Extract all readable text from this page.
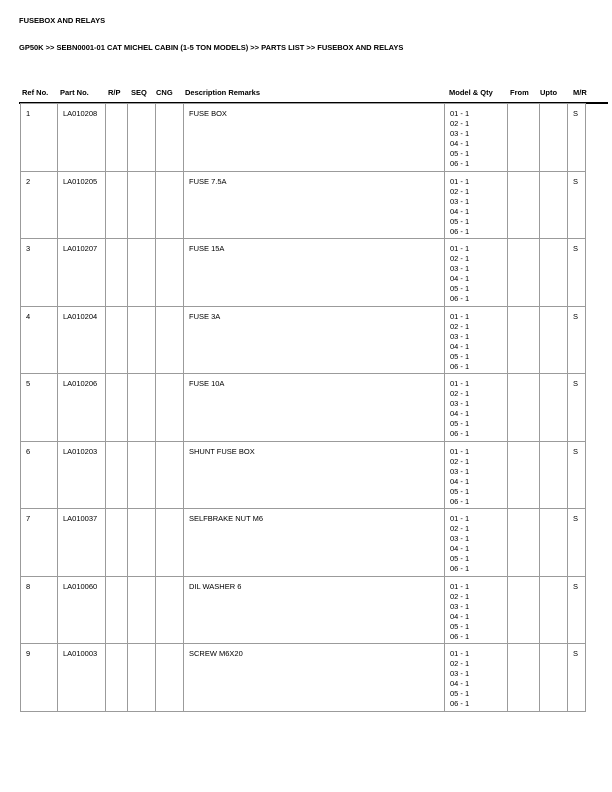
FUSEBOX AND RELAYS
GP50K >> SEBN0001-01 CAT MICHEL CABIN (1-5 TON MODELS) >> PARTS LIST >> FUSEBOX AND RELAYS
Ref No. Part No.	R/P SEQ CNG Description Remarks	Model & Qty From Upto M/R
1	LA010208				FUSE BOX	01 - 1
02 - 1
03 - 1
04 - 1
05 - 1
06 - 1
			S
2	LA010205				FUSE 7.5A	01 - 1
02 - 1
03 - 1
04 - 1
05 - 1
06 - 1
			S
3	LA010207				FUSE 15A	01 - 1
02 - 1
03 - 1
04 - 1
05 - 1
06 - 1
			S
4	LA010204				FUSE 3A	01 - 1
02 - 1
03 - 1
04 - 1
05 - 1
06 - 1
			S
5	LA010206				FUSE 10A	01 - 1
02 - 1
03 - 1
04 - 1
05 - 1
06 - 1
			S
6	LA010203				SHUNT FUSE BOX	01 - 1
02 - 1
03 - 1
04 - 1
05 - 1
06 - 1
			S
7	LA010037				SELFBRAKE NUT M6	01 - 1
02 - 1
03 - 1
04 - 1
05 - 1
06 - 1
			S
8	LA010060				DIL WASHER 6	01 - 1
02 - 1
03 - 1
04 - 1
05 - 1
06 - 1
			S
9	LA010003				SCREW M6X20	01 - 1
02 - 1
03 - 1
04 - 1
05 - 1
06 - 1
			S
